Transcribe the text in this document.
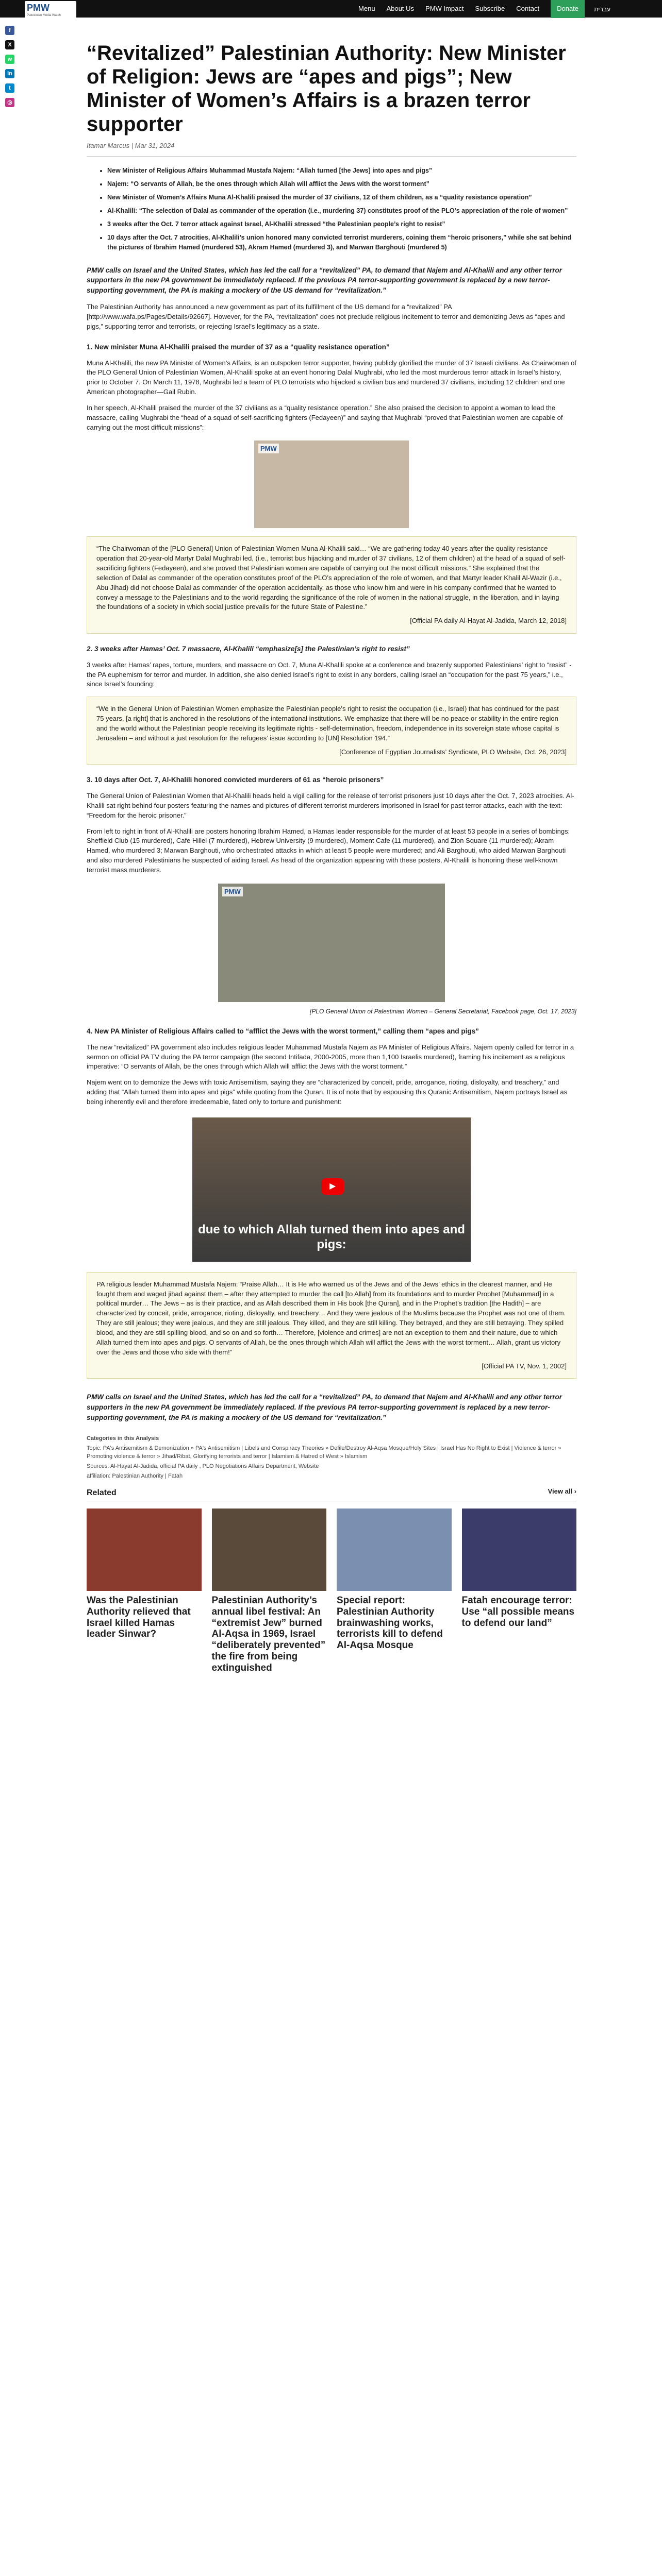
PMW
Palestinian Media Watch
Menu About Us PMW Impact Subscribe Contact	Donate	עברית
f
X
w
in
t
◎
“Revitalized” Palestinian Authority: New Minister of Religion: Jews are “apes and pigs”; New Minister of Women’s Affairs is a brazen terror supporter
Itamar Marcus | Mar 31, 2024
• New Minister of Religious Affairs Muhammad Mustafa Najem: “Allah turned [the Jews] into apes and pigs”
• Najem: “O servants of Allah, be the ones through which Allah will afflict the Jews with the worst torment”
• New Minister of Women’s Affairs Muna Al-Khalili praised the murder of 37 civilians, 12 of them children, as a “quality resistance operation”
• Al-Khalili: “The selection of Dalal as commander of the operation (i.e., murdering 37) constitutes proof of the PLO’s appreciation of the role of women”
• 3 weeks after the Oct. 7 terror attack against Israel, Al-Khalili stressed “the Palestinian people’s right to resist”
• 10 days after the Oct. 7 atrocities, Al-Khalili’s union honored many convicted terrorist murderers, coining them “heroic prisoners,” while she sat behind the pictures of Ibrahim Hamed (murdered 53), Akram Hamed (murdered 3), and Marwan Barghouti (murdered 5)
PMW calls on Israel and the United States, which has led the call for a “revitalized” PA, to demand that Najem and Al-Khalili and any other terror supporters in the new PA government be immediately replaced. If the previous PA terror-supporting government is replaced by a new terror-supporting government, the PA is making a mockery of the US demand for “revitalization.”

The Palestinian Authority has announced a new government as part of its fulfillment of the US demand for a “revitalized” PA [http://www.wafa.ps/Pages/Details/92667]. However, for the PA, “revitalization” does not preclude religious incitement to terror and demonizing Jews as “apes and pigs,” supporting terror and terrorists, or rejecting Israel’s legitimacy as a state.

1. New minister Muna Al-Khalili praised the murder of 37 as a “quality resistance operation”

Muna Al-Khalili, the new PA Minister of Women’s Affairs, is an outspoken terror supporter, having publicly glorified the murder of 37 Israeli civilians. As Chairwoman of the PLO General Union of Palestinian Women, Al-Khalili spoke at an event honoring Dalal Mughrabi, who led the most murderous terror attack in Israel’s history, prior to October 7. On March 11, 1978, Mughrabi led a team of PLO terrorists who hijacked a civilian bus and murdered 37 civilians, including 12 children and one American photographer—Gail Rubin.

In her speech, Al-Khalili praised the murder of the 37 civilians as a “quality resistance operation.” She also praised the decision to appoint a woman to lead the massacre, calling Mughrabi the “head of a squad of self-sacrificing fighters (Fedayeen)” and saying that Mughrabi “proved that Palestinian women are capable of carrying out the most difficult missions”:

PMW
“The Chairwoman of the [PLO General] Union of Palestinian Women Muna Al-Khalili said… “We are gathering today 40 years after the quality resistance operation that 20-year-old Martyr Dalal Mughrabi led, (i.e., terrorist bus hijacking and murder of 37 civilians, 12 of them children) at the head of a squad of self-sacrificing fighters (Fedayeen), and she proved that Palestinian women are capable of carrying out the most difficult missions.” She explained that the selection of Dalal as commander of the operation constitutes proof of the PLO’s appreciation of the role of women, and that Martyr leader Khalil Al-Wazir (i.e., Abu Jihad) did not choose Dalal as commander of the operation accidentally, as those who know him and were in his company confirmed that he wanted to convey a message to the Palestinians and to the world regarding the significance of the role of women in the national struggle, in the liberation, and in laying the foundations of a society in which social justice prevails for the future State of Palestine.”
[Official PA daily Al-Hayat Al-Jadida, March 12, 2018]
2. 3 weeks after Hamas’ Oct. 7 massacre, Al-Khalili “emphasize[s] the Palestinian’s right to resist”

3 weeks after Hamas’ rapes, torture, murders, and massacre on Oct. 7, Muna Al-Khalili spoke at a conference and brazenly supported Palestinians’ right to “resist” - the PA euphemism for terror and murder. In addition, she also denied Israel’s right to exist in any borders, calling Israel an “occupation for the past 75 years,” i.e., since Israel’s founding:

“We in the General Union of Palestinian Women emphasize the Palestinian people’s right to resist the occupation (i.e., Israel) that has continued for the past 75 years, [a right] that is anchored in the resolutions of the international institutions. We emphasize that there will be no peace or stability in the entire region and the world without the Palestinian people receiving its legitimate rights - self-determination, freedom, independence in its sovereign state whose capital is Jerusalem – and without a just resolution for the refugees’ issue according to [UN] Resolution 194.”
[Conference of Egyptian Journalists’ Syndicate, PLO Website, Oct. 26, 2023]
3. 10 days after Oct. 7, Al-Khalili honored convicted murderers of 61 as “heroic prisoners”

The General Union of Palestinian Women that Al-Khalili heads held a vigil calling for the release of terrorist prisoners just 10 days after the Oct. 7, 2023 atrocities. Al-Khalili sat right behind four posters featuring the names and pictures of different terrorist murderers imprisoned in Israel for past terror attacks, each with the text: “Freedom for the heroic prisoner.”

From left to right in front of Al-Khalili are posters honoring Ibrahim Hamed, a Hamas leader responsible for the murder of at least 53 people in a series of bombings: Sheffield Club (15 murdered), Cafe Hillel (7 murdered), Hebrew University (9 murdered), Moment Cafe (11 murdered), and Zion Square (11 murdered); Akram Hamed, who murdered 3; Marwan Barghouti, who orchestrated attacks in which at least 5 people were murdered; and Ali Barghouti, who aided Marwan Barghouti and also murdered Palestinians he suspected of aiding Israel. As head of the organization appearing with these posters, Al-Khalili is honoring these well-known terrorist mass murderers.

PMW
[PLO General Union of Palestinian Women – General Secretariat, Facebook page, Oct. 17, 2023]
4. New PA Minister of Religious Affairs called to “afflict the Jews with the worst torment,” calling them “apes and pigs”

The new “revitalized” PA government also includes religious leader Muhammad Mustafa Najem as PA Minister of Religious Affairs. Najem openly called for terror in a sermon on official PA TV during the PA terror campaign (the second Intifada, 2000-2005, more than 1,100 Israelis murdered), framing his incitement as a religious imperative: “O servants of Allah, be the ones through which Allah will afflict the Jews with the worst torment.”

Najem went on to demonize the Jews with toxic Antisemitism, saying they are “characterized by conceit, pride, arrogance, rioting, disloyalty, and treachery,” and adding that “Allah turned them into apes and pigs” while quoting from the Quran. It is of note that by espousing this Quranic Antisemitism, Najem portrays Israel as being inherently evil and therefore irredeemable, fated only to torture and punishment:

▶
due to which Allah turned them into apes and pigs:
PA religious leader Muhammad Mustafa Najem: “Praise Allah… It is He who warned us of the Jews and of the Jews’ ethics in the clearest manner, and He fought them and waged jihad against them – after they attempted to murder the call [to Allah] from its foundations and to murder Prophet [Muhammad] in a political murder… The Jews – as is their practice, and as Allah described them in His book [the Quran], and in the Prophet’s tradition [the Hadith] – are characterized by conceit, pride, arrogance, rioting, disloyalty, and treachery… And they were jealous of the Muslims because the Prophet was not one of them. They are still jealous; they were jealous, and they are still jealous. They killed, and they are still killing. They betrayed, and they are still betraying. They spilled blood, and they are still spilling blood, and so on and so forth… Therefore, [violence and crimes] are not an exception to them and their nature, due to which Allah turned them into apes and pigs. O servants of Allah, be the ones through which Allah will afflict the Jews with the worst torment… Allah, grant us victory over the Jews and those who side with them!”
[Official PA TV, Nov. 1, 2002]
PMW calls on Israel and the United States, which has led the call for a “revitalized” PA, to demand that Najem and Al-Khalili and any other terror supporters in the new PA government be immediately replaced. If the previous PA terror-supporting government is replaced by a new terror-supporting government, the PA is making a mockery of the US demand for “revitalization.”
Categories in this Analysis
Topic: PA's Antisemitism & Demonization » PA's Antisemitism | Libels and Conspiracy Theories » Defile/Destroy Al-Aqsa Mosque/Holy Sites | Israel Has No Right to Exist | Violence & terror » Promoting violence & terror » Jihad/Ribat, Glorifying terrorists and terror | Islamism & Hatred of West » Islamism
Sources: Al-Hayat Al-Jadida, official PA daily , PLO Negotiations Affairs Department, Website
affiliation: Palestinian Authority | Fatah
Related	View all ›
Was the Palestinian Authority relieved that Israel killed Hamas leader Sinwar?
Palestinian Authority’s annual libel festival: An “extremist Jew” burned Al-Aqsa in 1969, Israel “deliberately prevented” the fire from being extinguished
Special report: Palestinian Authority brainwashing works, terrorists kill to defend Al-Aqsa Mosque
Fatah encourage terror: Use “all possible means to defend our land”
